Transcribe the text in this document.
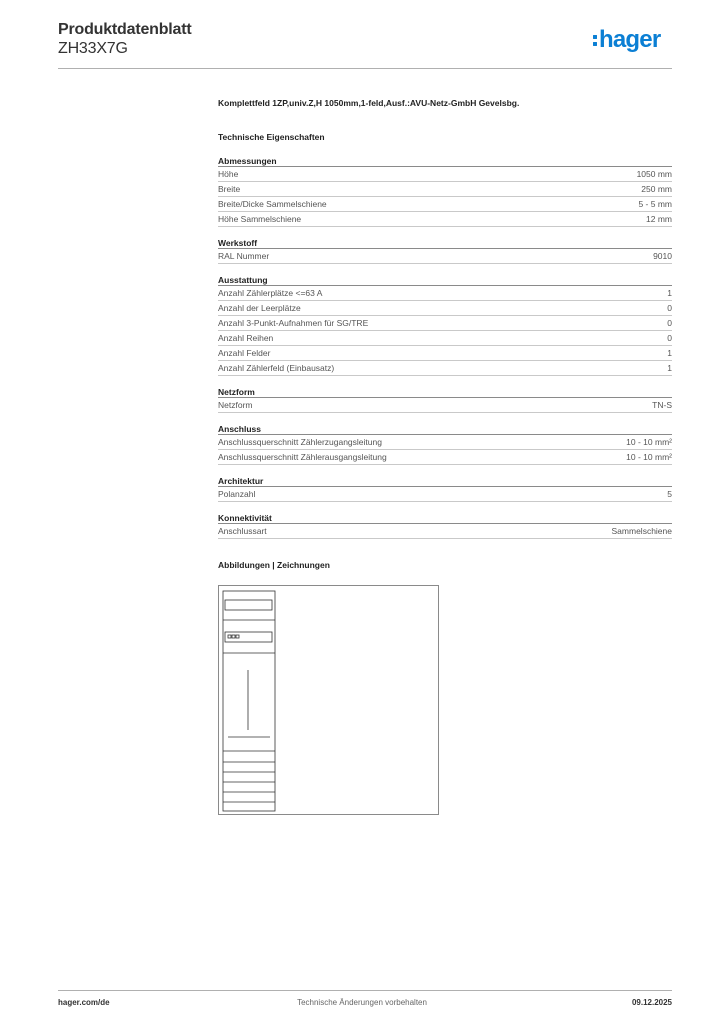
Produktdatenblatt
ZH33X7G	hager
Komplettfeld 1ZP,univ.Z,H 1050mm,1-feld,Ausf.:AVU-Netz-GmbH Gevelsbg.
Technische Eigenschaften
Abmessungen
Höhe	1050 mm
Breite	250 mm
Breite/Dicke Sammelschiene	5 - 5 mm
Höhe Sammelschiene	12 mm
Werkstoff
RAL Nummer	9010
Ausstattung
Anzahl Zählerplätze <=63 A	1
Anzahl der Leerplätze	0
Anzahl 3-Punkt-Aufnahmen für SG/TRE	0
Anzahl Reihen	0
Anzahl Felder	1
Anzahl Zählerfeld (Einbausatz)	1
Netzform
Netzform	TN-S
Anschluss
Anschlussquerschnitt Zählerzugangsleitung	10 - 10 mm²
Anschlussquerschnitt Zählerausgangsleitung	10 - 10 mm²
Architektur
Polanzahl	5
Konnektivität
Anschlussart	Sammelschiene
Abbildungen | Zeichnungen
hager.com/de	Technische Änderungen vorbehalten	09.12.2025
